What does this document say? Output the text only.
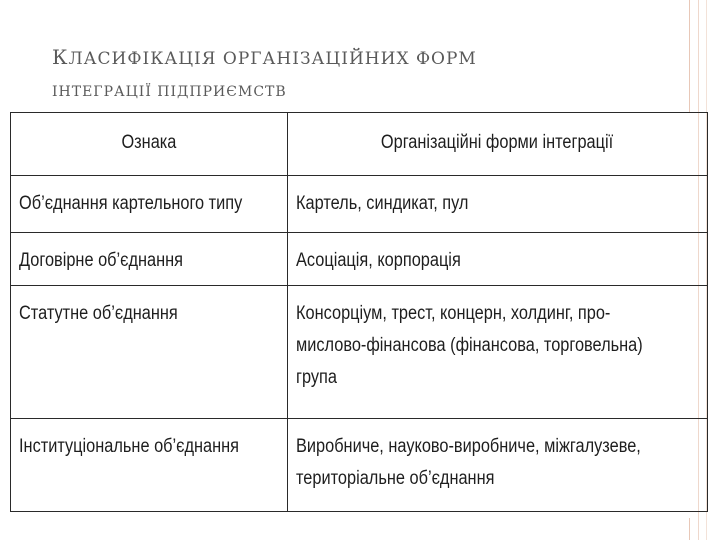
КЛАСИФІКАЦІЯ ОРГАНІЗАЦІЙНИХ ФОРМ
ІНТЕГРАЦІЇ ПІДПРИЄМСТВ
Ознака	Організаційні форми інтеграції
Об’єднання картельного типу	Картель, синдикат, пул
Договірне об’єднання	Асоціація, корпорація
Статутне об’єднання	Консорціум, трест, концерн, холдинг, про-
мислово-фінансова (фінансова, торговельна)
група

Інституціональне об’єднання	Виробниче, науково-виробниче, міжгалузеве,
територіальне об’єднання
